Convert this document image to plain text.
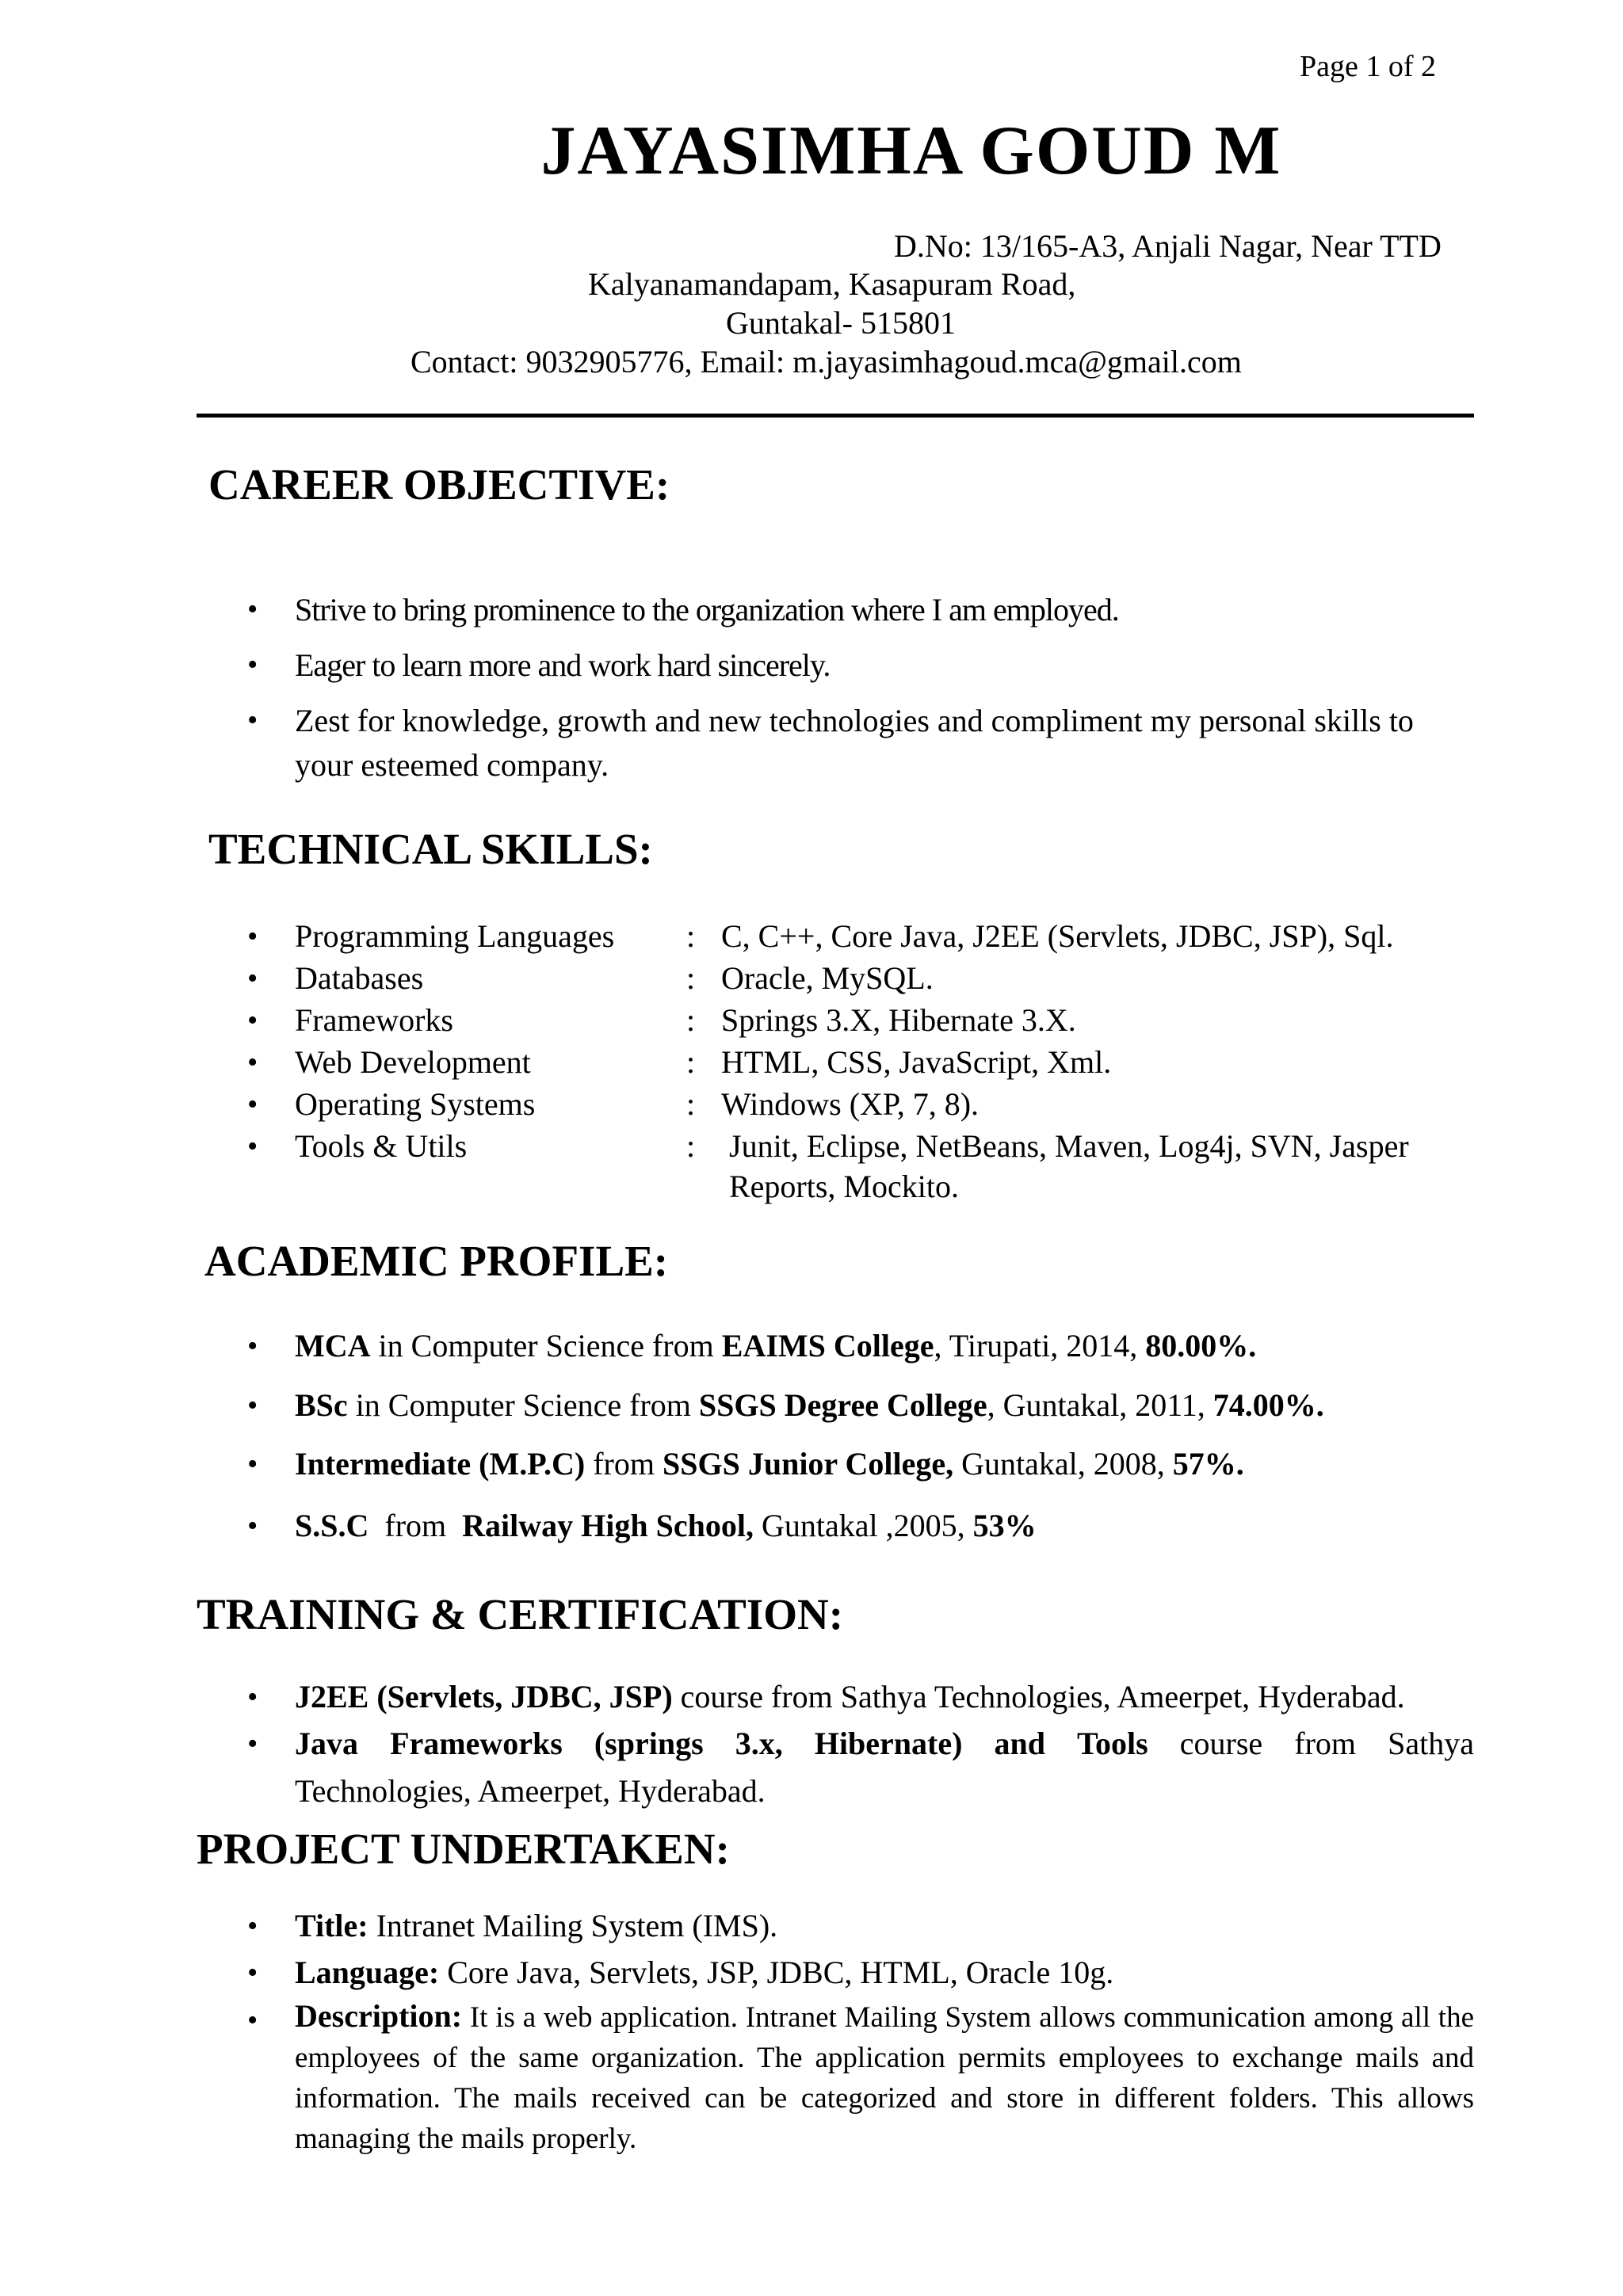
Page 1 of 2
JAYASIMHA GOUD M
D.No: 13/165-A3, Anjali Nagar, Near TTD
Kalyanamandapam, Kasapuram Road,
Guntakal- 515801
Contact: 9032905776, Email: m.jayasimhagoud.mca@gmail.com
CAREER OBJECTIVE:
• Strive to bring prominence to the organization where I am employed.
• Eager to learn more and work hard sincerely.
• Zest for knowledge, growth and new technologies and compliment my personal skills to
your esteemed company.
TECHNICAL SKILLS:
• Programming Languages : C, C++, Core Java, J2EE (Servlets, JDBC, JSP), Sql.
• Databases	: Oracle, MySQL.
• Frameworks	: Springs 3.X, Hibernate 3.X.
• Web Development	: HTML, CSS, JavaScript, Xml.
• Operating Systems	: Windows (XP, 7, 8).
• Tools & Utils	: Junit, Eclipse, NetBeans, Maven, Log4j, SVN, Jasper
Reports, Mockito.
ACADEMIC PROFILE:
• MCA in Computer Science from EAIMS College, Tirupati, 2014, 80.00%.
• BSc in Computer Science from SSGS Degree College, Guntakal, 2011, 74.00%.
• Intermediate (M.P.C) from SSGS Junior College, Guntakal, 2008, 57%.
• S.S.C  from  Railway High School, Guntakal ,2005, 53%
TRAINING & CERTIFICATION:
• J2EE (Servlets, JDBC, JSP) course from Sathya Technologies, Ameerpet, Hyderabad.
• Java Frameworks (springs 3.x, Hibernate) and Tools course from Sathya
Technologies, Ameerpet, Hyderabad.
PROJECT UNDERTAKEN:
• Title: Intranet Mailing System (IMS).
• Language: Core Java, Servlets, JSP, JDBC, HTML, Oracle 10g.
• Description: It is a web application. Intranet Mailing System allows communication among all the employees of the same organization. The application permits employees to exchange mails and information. The mails received can be categorized and store in different folders. This allows managing the mails properly.
